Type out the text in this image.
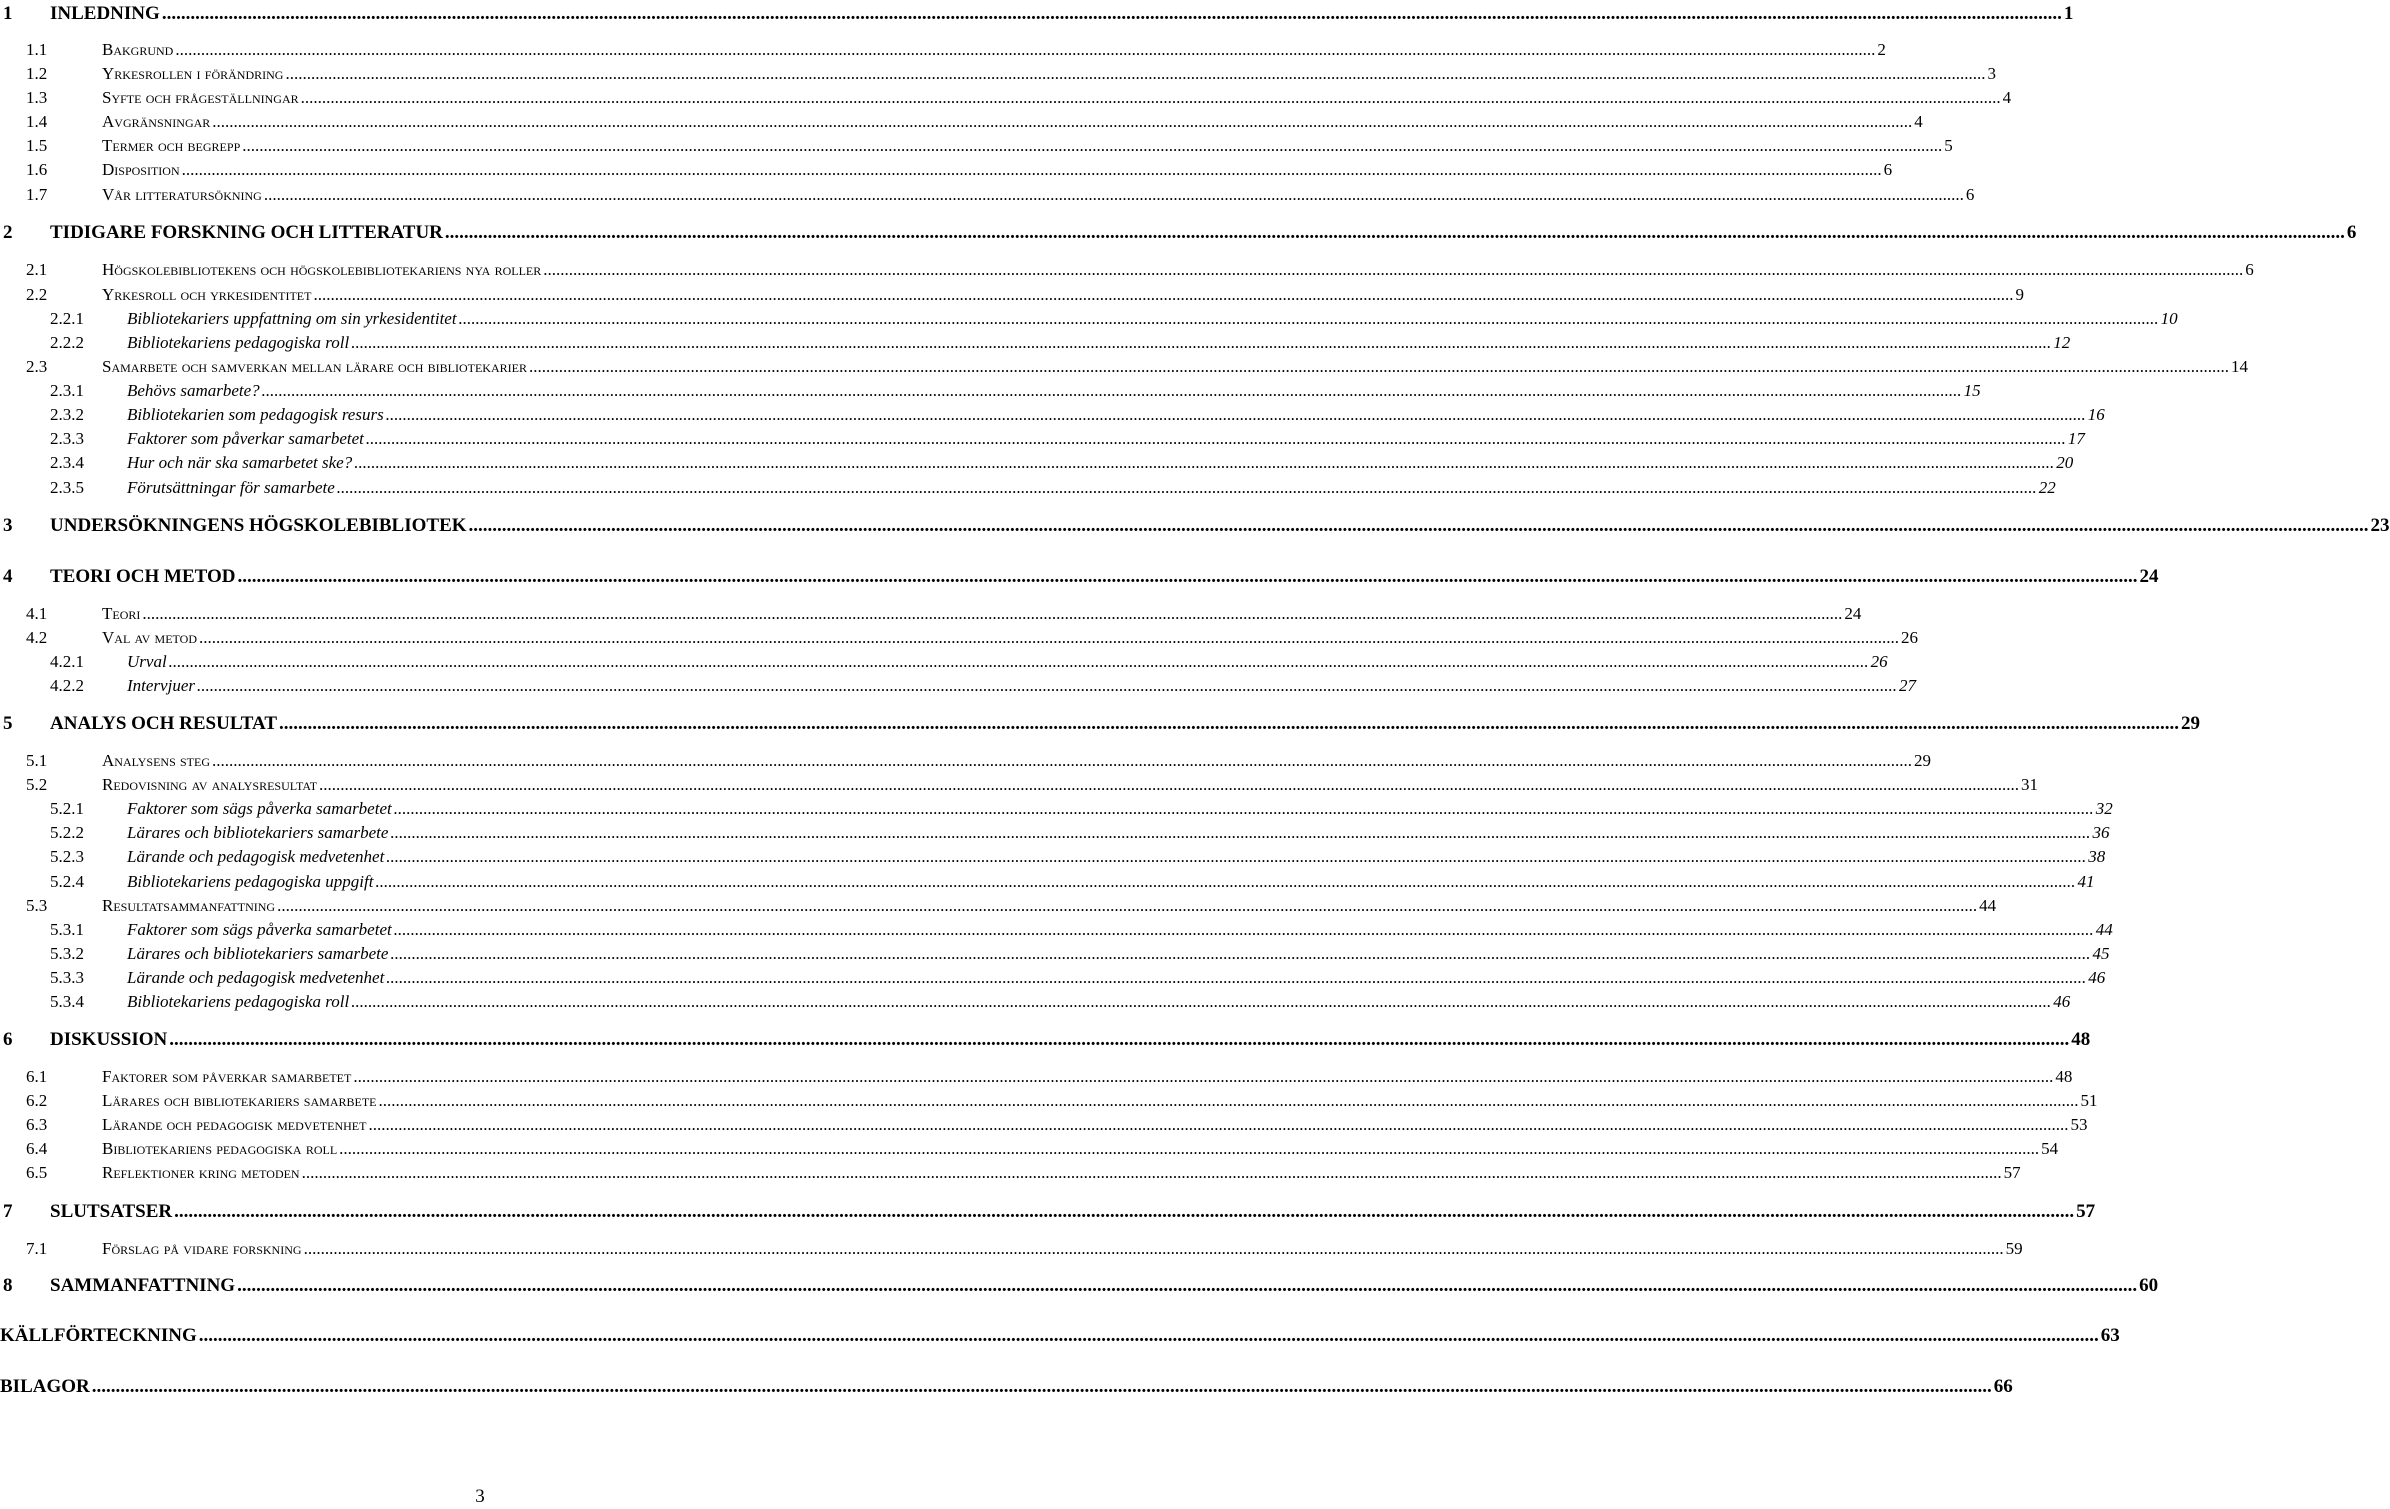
1 INLEDNING ................................................................................................................................................................................................................................................................................................................................................................................................................ 1
1.1	Bakgrund ................................................................................................................................................................................................................................................................................................................................................................................................................ 2
1.2	Yrkesrollen i förändring ................................................................................................................................................................................................................................................................................................................................................................................................................ 3
1.3	Syfte och frågeställningar ................................................................................................................................................................................................................................................................................................................................................................................................................ 4
1.4	Avgränsningar ................................................................................................................................................................................................................................................................................................................................................................................................................ 4
1.5	Termer och begrepp ................................................................................................................................................................................................................................................................................................................................................................................................................ 5
1.6	Disposition ................................................................................................................................................................................................................................................................................................................................................................................................................ 6
1.7	Vår litteratursökning ................................................................................................................................................................................................................................................................................................................................................................................................................ 6
2 TIDIGARE FORSKNING OCH LITTERATUR ................................................................................................................................................................................................................................................................................................................................................................................................................ 6
2.1	Högskolebibliotekens och högskolebibliotekariens nya roller ................................................................................................................................................................................................................................................................................................................................................................................................................ 6
2.2	Yrkesroll och yrkesidentitet ................................................................................................................................................................................................................................................................................................................................................................................................................ 9
2.2.1	Bibliotekariers uppfattning om sin yrkesidentitet ................................................................................................................................................................................................................................................................................................................................................................................................................ 10
2.2.2	Bibliotekariens pedagogiska roll ................................................................................................................................................................................................................................................................................................................................................................................................................ 12
2.3	Samarbete och samverkan mellan lärare och bibliotekarier ................................................................................................................................................................................................................................................................................................................................................................................................................ 14
2.3.1	Behövs samarbete? ................................................................................................................................................................................................................................................................................................................................................................................................................ 15
2.3.2	Bibliotekarien som pedagogisk resurs ................................................................................................................................................................................................................................................................................................................................................................................................................ 16
2.3.3	Faktorer som påverkar samarbetet ................................................................................................................................................................................................................................................................................................................................................................................................................ 17
2.3.4	Hur och när ska samarbetet ske? ................................................................................................................................................................................................................................................................................................................................................................................................................ 20
2.3.5	Förutsättningar för samarbete ................................................................................................................................................................................................................................................................................................................................................................................................................ 22
3 UNDERSÖKNINGENS HÖGSKOLEBIBLIOTEK ................................................................................................................................................................................................................................................................................................................................................................................................................ 23
4 TEORI OCH METOD ................................................................................................................................................................................................................................................................................................................................................................................................................ 24
4.1	Teori ................................................................................................................................................................................................................................................................................................................................................................................................................ 24
4.2	Val av metod ................................................................................................................................................................................................................................................................................................................................................................................................................ 26
4.2.1	Urval ................................................................................................................................................................................................................................................................................................................................................................................................................ 26
4.2.2	Intervjuer ................................................................................................................................................................................................................................................................................................................................................................................................................ 27
5 ANALYS OCH RESULTAT ................................................................................................................................................................................................................................................................................................................................................................................................................ 29
5.1	Analysens steg ................................................................................................................................................................................................................................................................................................................................................................................................................ 29
5.2	Redovisning av analysresultat ................................................................................................................................................................................................................................................................................................................................................................................................................ 31
5.2.1	Faktorer som sägs påverka samarbetet ................................................................................................................................................................................................................................................................................................................................................................................................................ 32
5.2.2	Lärares och bibliotekariers samarbete ................................................................................................................................................................................................................................................................................................................................................................................................................ 36
5.2.3	Lärande och pedagogisk medvetenhet ................................................................................................................................................................................................................................................................................................................................................................................................................ 38
5.2.4	Bibliotekariens pedagogiska uppgift ................................................................................................................................................................................................................................................................................................................................................................................................................ 41
5.3	Resultatsammanfattning ................................................................................................................................................................................................................................................................................................................................................................................................................ 44
5.3.1	Faktorer som sägs påverka samarbetet ................................................................................................................................................................................................................................................................................................................................................................................................................ 44
5.3.2	Lärares och bibliotekariers samarbete ................................................................................................................................................................................................................................................................................................................................................................................................................ 45
5.3.3	Lärande och pedagogisk medvetenhet ................................................................................................................................................................................................................................................................................................................................................................................................................ 46
5.3.4	Bibliotekariens pedagogiska roll ................................................................................................................................................................................................................................................................................................................................................................................................................ 46
6 DISKUSSION ................................................................................................................................................................................................................................................................................................................................................................................................................ 48
6.1	Faktorer som påverkar samarbetet ................................................................................................................................................................................................................................................................................................................................................................................................................ 48
6.2	Lärares och bibliotekariers samarbete ................................................................................................................................................................................................................................................................................................................................................................................................................ 51
6.3	Lärande och pedagogisk medvetenhet ................................................................................................................................................................................................................................................................................................................................................................................................................ 53
6.4	Bibliotekariens pedagogiska roll ................................................................................................................................................................................................................................................................................................................................................................................................................ 54
6.5	Reflektioner kring metoden ................................................................................................................................................................................................................................................................................................................................................................................................................ 57
7 SLUTSATSER ................................................................................................................................................................................................................................................................................................................................................................................................................ 57
7.1	Förslag på vidare forskning ................................................................................................................................................................................................................................................................................................................................................................................................................ 59
8 SAMMANFATTNING ................................................................................................................................................................................................................................................................................................................................................................................................................ 60
KÄLLFÖRTECKNING ................................................................................................................................................................................................................................................................................................................................................................................................................ 63
BILAGOR ................................................................................................................................................................................................................................................................................................................................................................................................................ 66
3
